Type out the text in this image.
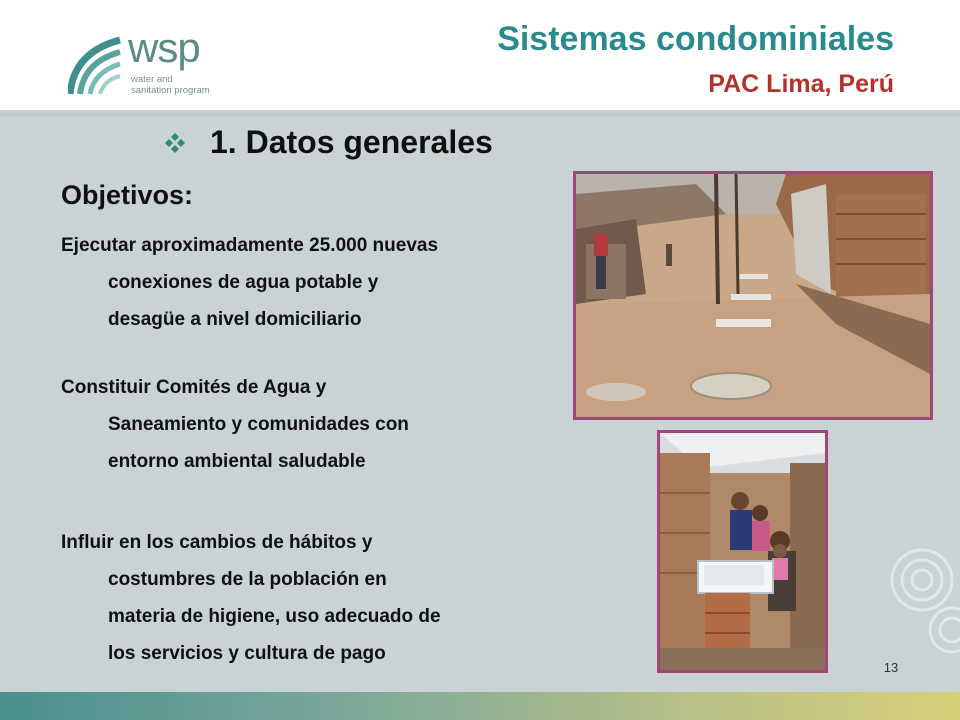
wsp
water and
sanitation program
Sistemas condominiales
PAC Lima, Perú
1. Datos generales
Objetivos:
Ejecutar aproximadamente 25.000 nuevas
conexiones de agua potable y
desagüe a nivel domiciliario
Constituir Comités de Agua y
Saneamiento y comunidades con
entorno ambiental saludable
Influir en los cambios de hábitos y
costumbres de la población en
materia de higiene, uso adecuado de
los servicios y cultura de pago
13
